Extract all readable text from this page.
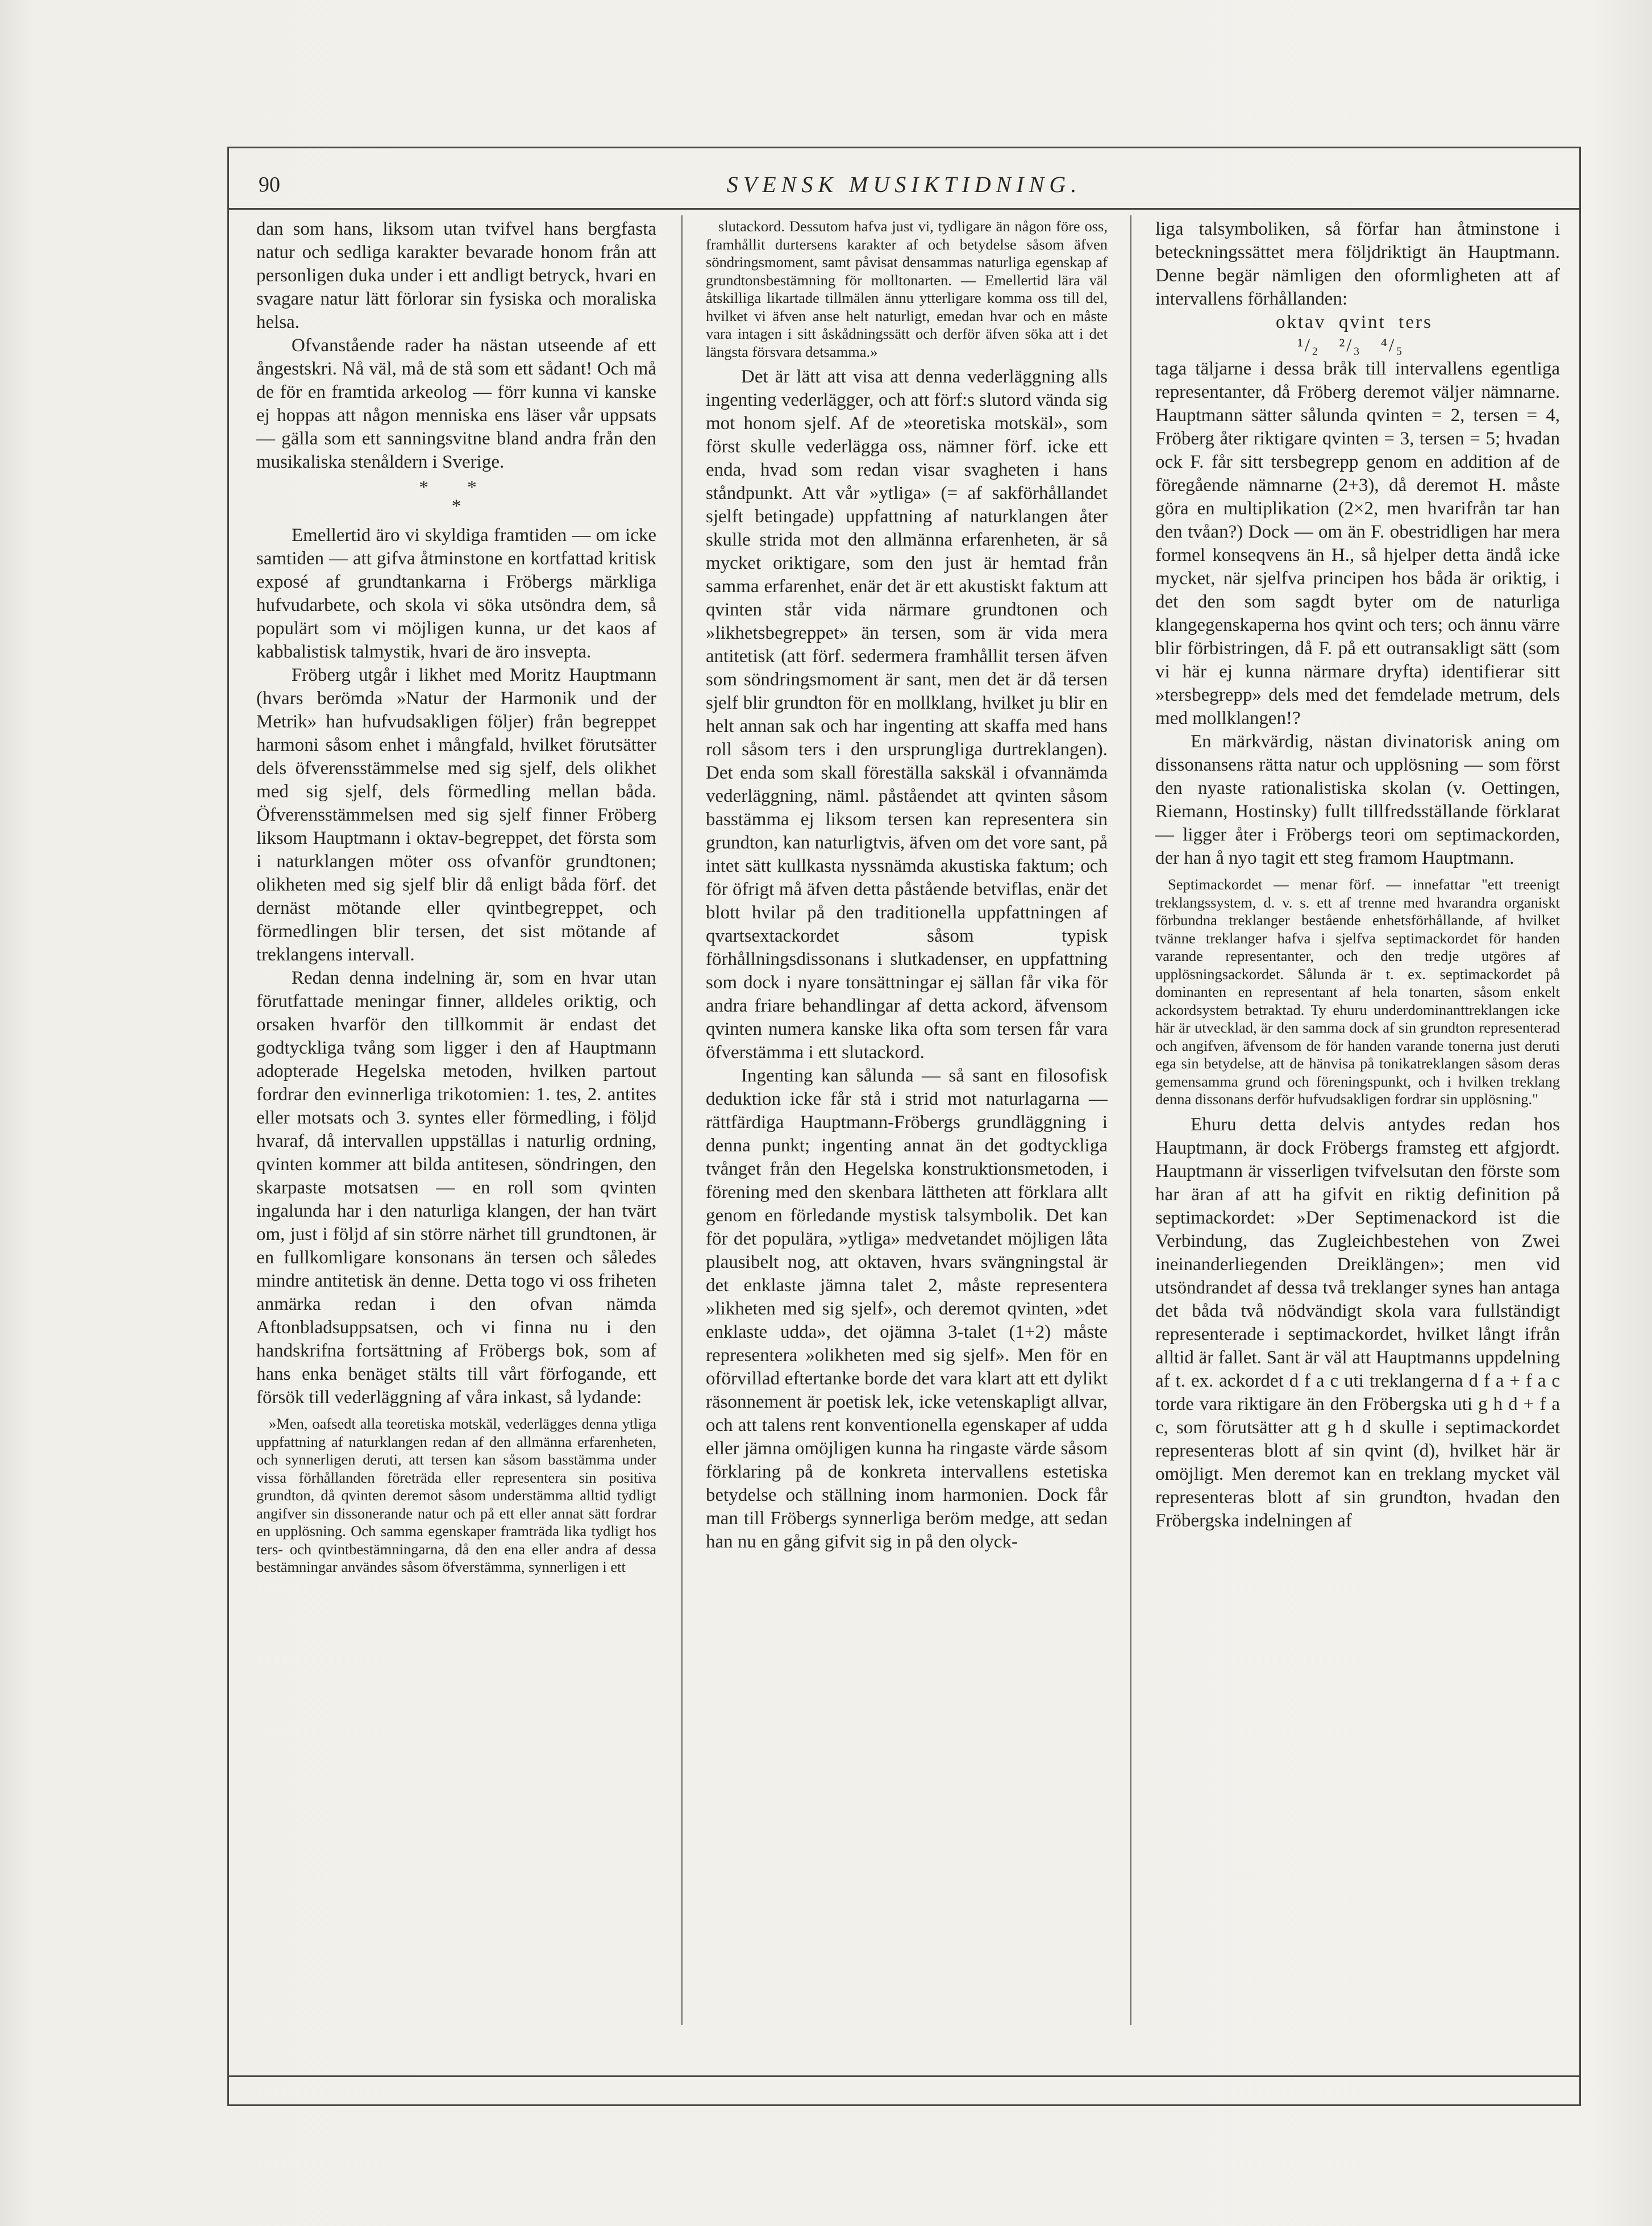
90	SVENSK MUSIKTIDNING.

dan som hans, liksom utan tvifvel hans bergfasta natur och sedliga karakter bevarade honom från att personligen duka under i ett andligt betryck, hvari en svagare natur lätt förlorar sin fysiska och moraliska helsa.

Ofvanstående rader ha nästan utseende af ett ångestskri. Nå väl, må de stå som ett sådant! Och må de för en framtida arkeolog — förr kunna vi kanske ej hoppas att någon menniska ens läser vår uppsats — gälla som ett sanningsvitne bland andra från den musikaliska stenåldern i Sverige.

* *
*

Emellertid äro vi skyldiga framtiden — om icke samtiden — att gifva åtminstone en kortfattad kritisk exposé af grundtankarna i Fröbergs märkliga hufvudarbete, och skola vi söka utsöndra dem, så populärt som vi möjligen kunna, ur det kaos af kabbalistisk talmystik, hvari de äro insvepta.

Fröberg utgår i likhet med Moritz Hauptmann (hvars berömda »Natur der Harmonik und der Metrik» han hufvudsakligen följer) från begreppet harmoni såsom enhet i mångfald, hvilket förutsätter dels öfverensstämmelse med sig sjelf, dels olikhet med sig sjelf, dels förmedling mellan båda. Öfverensstämmelsen med sig sjelf finner Fröberg liksom Hauptmann i oktav-begreppet, det första som i naturklangen möter oss ofvanför grundtonen; olikheten med sig sjelf blir då enligt båda förf. det dernäst mötande eller qvintbegreppet, och förmedlingen blir tersen, det sist mötande af treklangens intervall.

Redan denna indelning är, som en hvar utan förutfattade meningar finner, alldeles oriktig, och orsaken hvarför den tillkommit är endast det godtyckliga tvång som ligger i den af Hauptmann adopterade Hegelska metoden, hvilken partout fordrar den evinnerliga trikotomien: 1. tes, 2. antites eller motsats och 3. syntes eller förmedling, i följd hvaraf, då intervallen uppställas i naturlig ordning, qvinten kommer att bilda antitesen, söndringen, den skarpaste motsatsen — en roll som qvinten ingalunda har i den naturliga klangen, der han tvärt om, just i följd af sin större närhet till grundtonen, är en fullkomligare konsonans än tersen och således mindre antitetisk än denne. Detta togo vi oss friheten anmärka redan i den ofvan nämda Aftonbladsuppsatsen, och vi finna nu i den handskrifna fortsättning af Fröbergs bok, som af hans enka benäget stälts till vårt förfogande, ett försök till vederläggning af våra inkast, så lydande:

»Men, oafsedt alla teoretiska motskäl, vederlägges denna ytliga uppfattning af naturklangen redan af den allmänna erfarenheten, och synnerligen deruti, att tersen kan såsom basstämma under vissa förhållanden företräda eller representera sin positiva grundton, då qvinten deremot såsom understämma alltid tydligt angifver sin dissonerande natur och på ett eller annat sätt fordrar en upplösning. Och samma egenskaper framträda lika tydligt hos ters- och qvintbestämningarna, då den ena eller andra af dessa bestämningar användes såsom öfverstämma, synnerligen i ett

slutackord. Dessutom hafva just vi, tydligare än någon före oss, framhållit durtersens karakter af och betydelse såsom äfven söndringsmoment, samt påvisat densammas naturliga egenskap af grundtonsbestämning för molltonarten. — Emellertid lära väl åtskilliga likartade tillmälen ännu ytterligare komma oss till del, hvilket vi äfven anse helt naturligt, emedan hvar och en måste vara intagen i sitt åskådningssätt och derför äfven söka att i det längsta försvara detsamma.»

Det är lätt att visa att denna vederläggning alls ingenting vederlägger, och att förf:s slutord vända sig mot honom sjelf. Af de »teoretiska motskäl», som först skulle vederlägga oss, nämner förf. icke ett enda, hvad som redan visar svagheten i hans ståndpunkt. Att vår »ytliga» (= af sakförhållandet sjelft betingade) uppfattning af naturklangen åter skulle strida mot den allmänna erfarenheten, är så mycket oriktigare, som den just är hemtad från samma erfarenhet, enär det är ett akustiskt faktum att qvinten står vida närmare grundtonen och »likhetsbegreppet» än tersen, som är vida mera antitetisk (att förf. sedermera framhållit tersen äfven som söndringsmoment är sant, men det är då tersen sjelf blir grundton för en mollklang, hvilket ju blir en helt annan sak och har ingenting att skaffa med hans roll såsom ters i den ursprungliga durtreklangen). Det enda som skall föreställa sakskäl i ofvannämda vederläggning, näml. påståendet att qvinten såsom basstämma ej liksom tersen kan representera sin grundton, kan naturligtvis, äfven om det vore sant, på intet sätt kullkasta nyssnämda akustiska faktum; och för öfrigt må äfven detta påstående betviflas, enär det blott hvilar på den traditionella uppfattningen af qvartsextackordet såsom typisk förhållningsdissonans i slutkadenser, en uppfattning som dock i nyare tonsättningar ej sällan får vika för andra friare behandlingar af detta ackord, äfvensom qvinten numera kanske lika ofta som tersen får vara öfverstämma i ett slutackord.

Ingenting kan sålunda — så sant en filosofisk deduktion icke får stå i strid mot naturlagarna — rättfärdiga Hauptmann-Fröbergs grundläggning i denna punkt; ingenting annat än det godtyckliga tvånget från den Hegelska konstruktionsmetoden, i förening med den skenbara lättheten att förklara allt genom en förledande mystisk talsymbolik. Det kan för det populära, »ytliga» medvetandet möjligen låta plausibelt nog, att oktaven, hvars svängningstal är det enklaste jämna talet 2, måste representera »likheten med sig sjelf», och deremot qvinten, »det enklaste udda», det ojämna 3-talet (1+2) måste representera »olikheten med sig sjelf». Men för en oförvillad eftertanke borde det vara klart att ett dylikt räsonnement är poetisk lek, icke vetenskapligt allvar, och att talens rent konventionella egenskaper af udda eller jämna omöjligen kunna ha ringaste värde såsom förklaring på de konkreta intervallens estetiska betydelse och ställning inom harmonien. Dock får man till Fröbergs synnerliga beröm medge, att sedan han nu en gång gifvit sig in på den olyck-

liga talsymboliken, så förfar han åtminstone i beteckningssättet mera följdriktigt än Hauptmann. Denne begär nämligen den oformligheten att af intervallens förhållanden:

oktav  qvint  ters

¹/₂   ²/₃   ⁴/₅

taga täljarne i dessa bråk till intervallens egentliga representanter, då Fröberg deremot väljer nämnarne. Hauptmann sätter sålunda qvinten = 2, tersen = 4, Fröberg åter riktigare qvinten = 3, tersen = 5; hvadan ock F. får sitt tersbegrepp genom en addition af de föregående nämnarne (2+3), då deremot H. måste göra en multiplikation (2×2, men hvarifrån tar han den tvåan?) Dock — om än F. obestridligen har mera formel konseqvens än H., så hjelper detta ändå icke mycket, när sjelfva principen hos båda är oriktig, i det den som sagdt byter om de naturliga klangegenskaperna hos qvint och ters; och ännu värre blir förbistringen, då F. på ett outransakligt sätt (som vi här ej kunna närmare dryfta) identifierar sitt »tersbegrepp» dels med det femdelade metrum, dels med mollklangen!?

En märkvärdig, nästan divinatorisk aning om dissonansens rätta natur och upplösning — som först den nyaste rationalistiska skolan (v. Oettingen, Riemann, Hostinsky) fullt tillfredsställande förklarat — ligger åter i Fröbergs teori om septimackorden, der han å nyo tagit ett steg framom Hauptmann.

Septimackordet — menar förf. — innefattar "ett treenigt treklangssystem, d. v. s. ett af trenne med hvarandra organiskt förbundna treklanger bestående enhetsförhållande, af hvilket tvänne treklanger hafva i sjelfva septimackordet för handen varande representanter, och den tredje utgöres af upplösningsackordet. Sålunda är t. ex. septimackordet på dominanten en representant af hela tonarten, såsom enkelt ackordsystem betraktad. Ty ehuru underdominanttreklangen icke här är utvecklad, är den samma dock af sin grundton representerad och angifven, äfvensom de för handen varande tonerna just deruti ega sin betydelse, att de hänvisa på tonikatreklangen såsom deras gemensamma grund och föreningspunkt, och i hvilken treklang denna dissonans derför hufvudsakligen fordrar sin upplösning."

Ehuru detta delvis antydes redan hos Hauptmann, är dock Fröbergs framsteg ett afgjordt. Hauptmann är visserligen tvifvelsutan den förste som har äran af att ha gifvit en riktig definition på septimackordet: »Der Septimenackord ist die Verbindung, das Zugleichbestehen von Zwei ineinanderliegenden Dreiklängen»; men vid utsöndrandet af dessa två treklanger synes han antaga det båda två nödvändigt skola vara fullständigt representerade i septimackordet, hvilket långt ifrån alltid är fallet. Sant är väl att Hauptmanns uppdelning af t. ex. ackordet d f a c uti treklangerna d f a + f a c torde vara riktigare än den Fröbergska uti g h d + f a c, som förutsätter att g h d skulle i septimackordet representeras blott af sin qvint (d), hvilket här är omöjligt. Men deremot kan en treklang mycket väl representeras blott af sin grundton, hvadan den Fröbergska indelningen af
